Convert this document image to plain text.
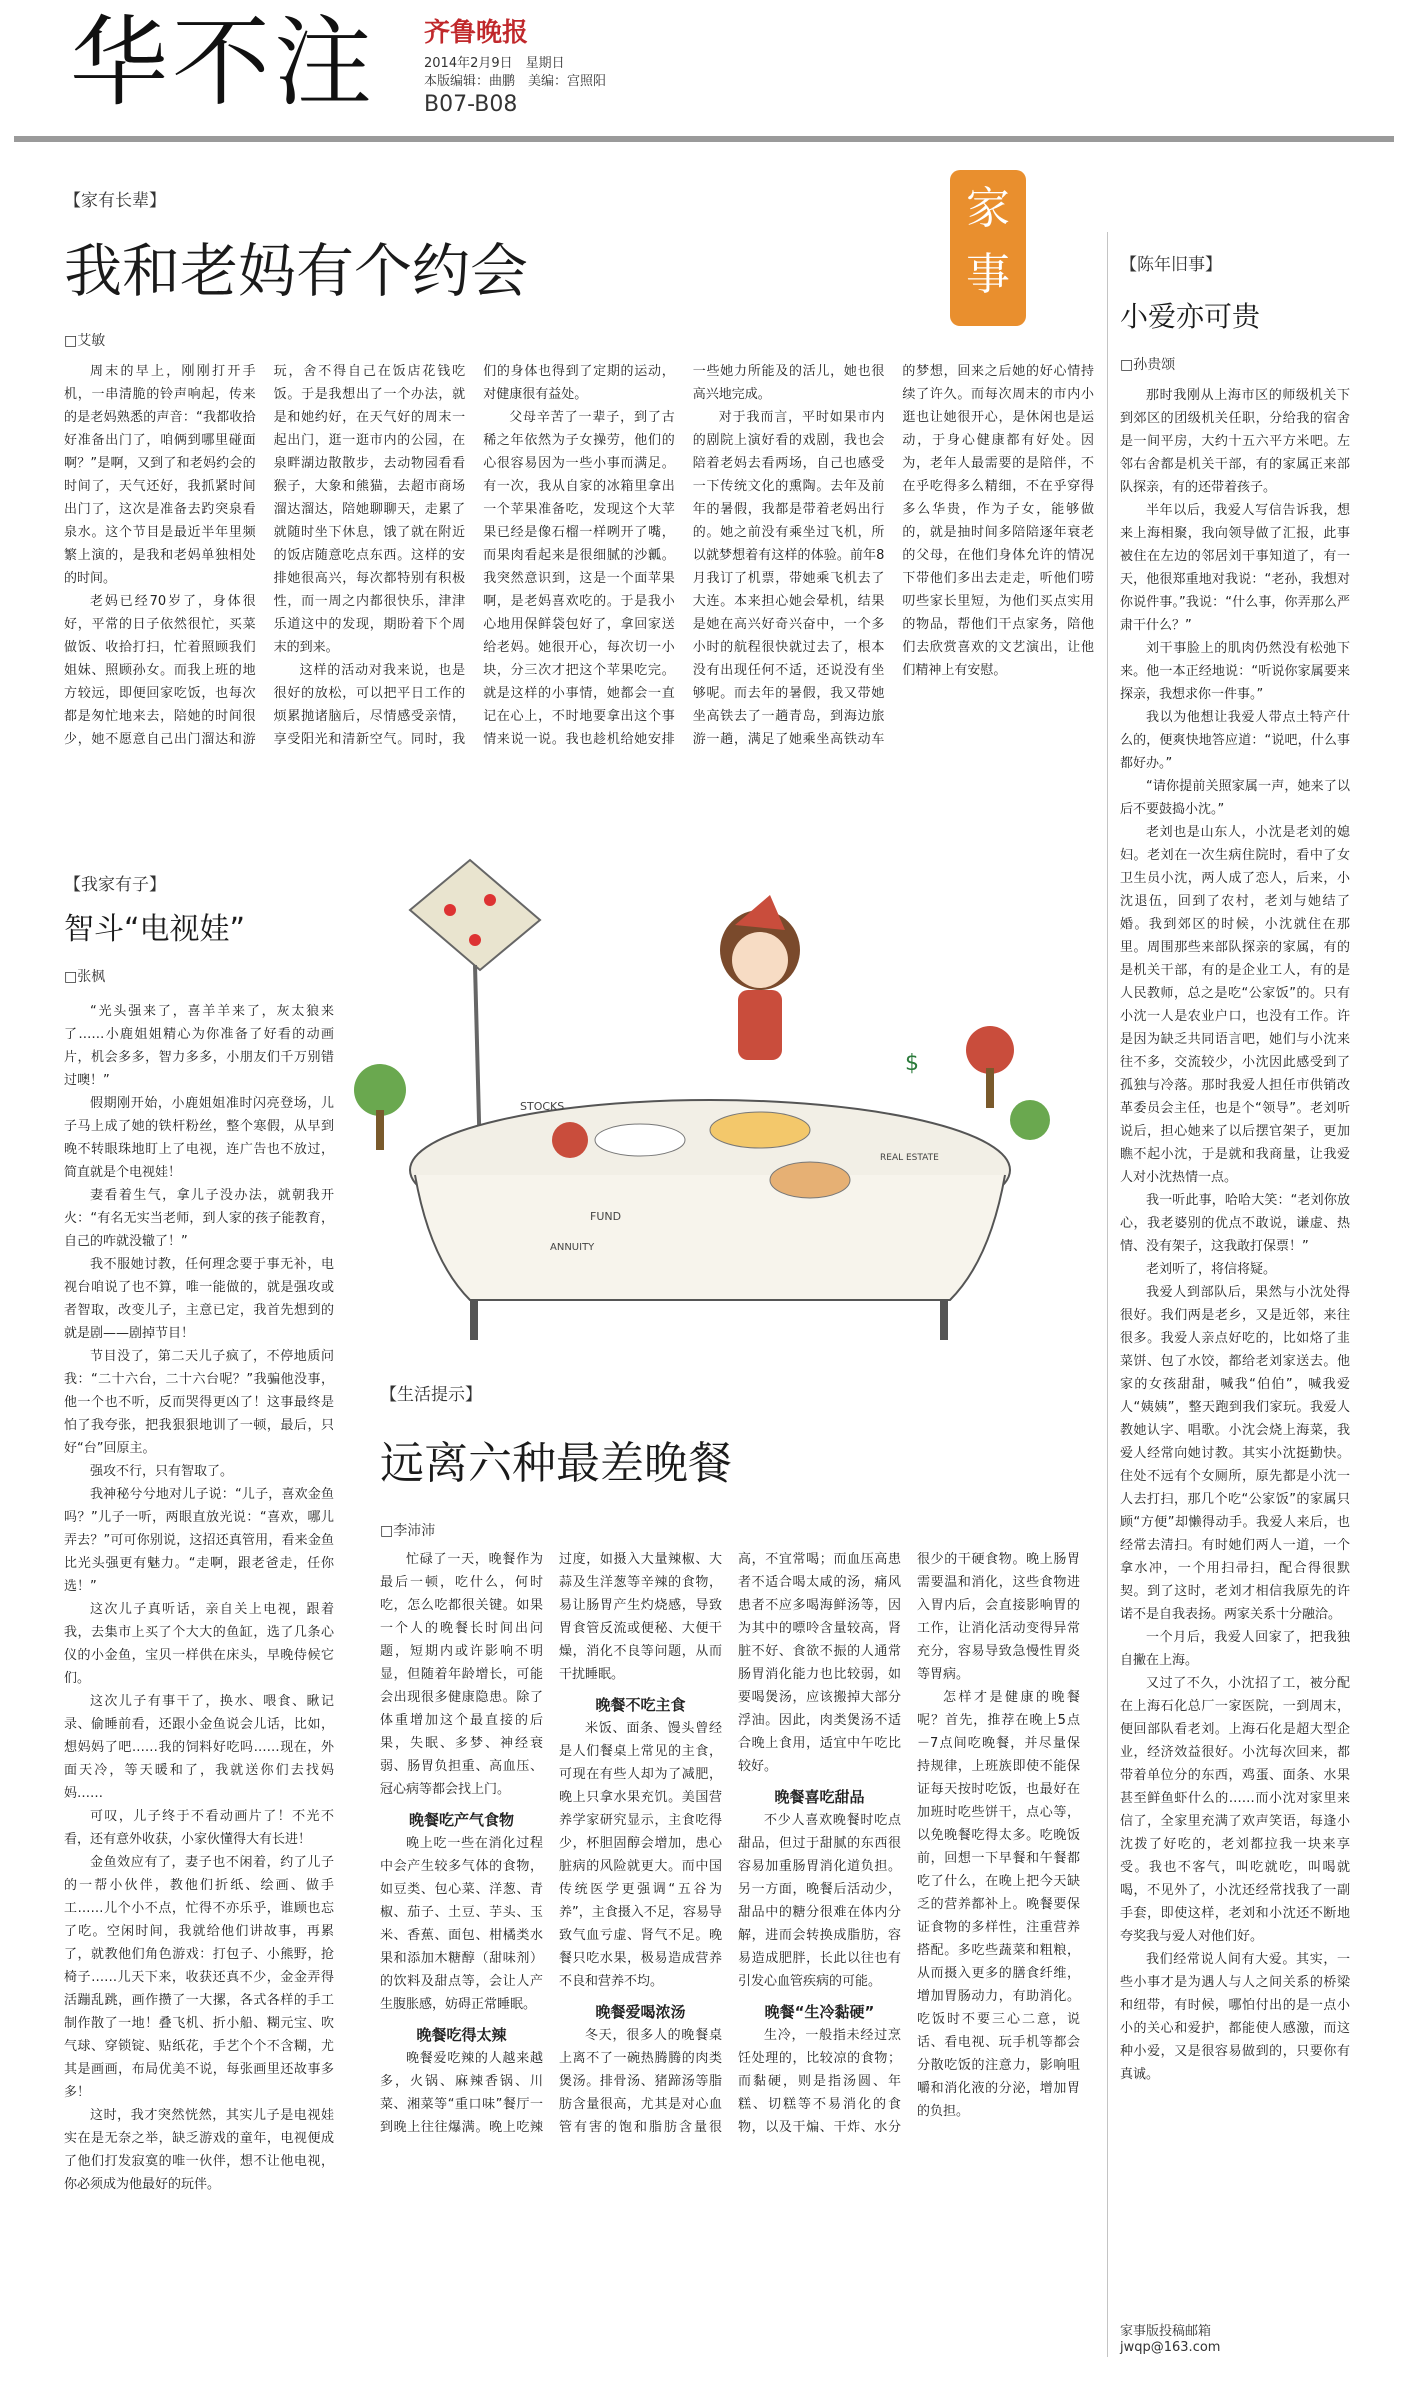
华不注 齐鲁晚报
2014年2月9日　星期日
本版编辑：曲鹏　美编：宫照阳
B07-B08
家事
【家有长辈】
我和老妈有个约会
□艾敏

周末的早上，刚刚打开手机，一串清脆的铃声响起，传来的是老妈熟悉的声音：“我都收拾好准备出门了，咱俩到哪里碰面啊？”是啊，又到了和老妈约会的时间了，天气还好，我抓紧时间出门了，这次是准备去趵突泉看泉水。这个节目是最近半年里频繁上演的，是我和老妈单独相处的时间。

老妈已经70岁了，身体很好，平常的日子依然很忙，买菜做饭、收拾打扫，忙着照顾我们姐妹、照顾孙女。而我上班的地方较远，即便回家吃饭，也每次都是匆忙地来去，陪她的时间很少，她不愿意自己出门溜达和游玩，舍不得自己在饭店花钱吃饭。于是我想出了一个办法，就是和她约好，在天气好的周末一起出门，逛一逛市内的公园，在泉畔湖边散散步，去动物园看看猴子，大象和熊猫，去超市商场溜达溜达，陪她聊聊天，走累了就随时坐下休息，饿了就在附近的饭店随意吃点东西。这样的安排她很高兴，每次都特别有积极性，而一周之内都很快乐，津津乐道这中的发现，期盼着下个周末的到来。

这样的活动对我来说，也是很好的放松，可以把平日工作的烦累抛诸脑后，尽情感受亲情，享受阳光和清新空气。同时，我们的身体也得到了定期的运动，对健康很有益处。

父母辛苦了一辈子，到了古稀之年依然为子女操劳，他们的心很容易因为一些小事而满足。有一次，我从自家的冰箱里拿出一个苹果准备吃，发现这个大苹果已经是像石榴一样咧开了嘴，而果肉看起来是很细腻的沙瓤。我突然意识到，这是一个面苹果啊，是老妈喜欢吃的。于是我小心地用保鲜袋包好了，拿回家送给老妈。她很开心，每次切一小块，分三次才把这个苹果吃完。就是这样的小事情，她都会一直记在心上，不时地要拿出这个事情来说一说。我也趁机给她安排一些她力所能及的活儿，她也很高兴地完成。

对于我而言，平时如果市内的剧院上演好看的戏剧，我也会陪着老妈去看两场，自己也感受一下传统文化的熏陶。去年及前年的暑假，我都是带着老妈出行的。她之前没有乘坐过飞机，所以就梦想着有这样的体验。前年8月我订了机票，带她乘飞机去了大连。本来担心她会晕机，结果是她在高兴好奇兴奋中，一个多小时的航程很快就过去了，根本没有出现任何不适，还说没有坐够呢。而去年的暑假，我又带她坐高铁去了一趟青岛，到海边旅游一趟，满足了她乘坐高铁动车的梦想，回来之后她的好心情持续了许久。而每次周末的市内小逛也让她很开心，是休闲也是运动，于身心健康都有好处。因为，老年人最需要的是陪伴，不在乎吃得多么精细，不在乎穿得多么华贵，作为子女，能够做的，就是抽时间多陪陪逐年衰老的父母，在他们身体允许的情况下带他们多出去走走，听他们唠叨些家长里短，为他们买点实用的物品，帮他们干点家务，陪他们去欣赏喜欢的文艺演出，让他们精神上有安慰。

【我家有子】
智斗“电视娃”
□张枫

“光头强来了，喜羊羊来了，灰太狼来了……小鹿姐姐精心为你准备了好看的动画片，机会多多，智力多多，小朋友们千万别错过噢！”

假期刚开始，小鹿姐姐准时闪亮登场，儿子马上成了她的铁杆粉丝，整个寒假，从早到晚不转眼珠地盯上了电视，连广告也不放过，简直就是个电视娃！

妻看着生气，拿儿子没办法，就朝我开火：“有名无实当老师，到人家的孩子能教育，自己的咋就没辙了！”

我不服她讨教，任何理念要于事无补，电视台咱说了也不算，唯一能做的，就是强攻或者智取，改变儿子，主意已定，我首先想到的就是剧——剧掉节目！

节目没了，第二天儿子疯了，不停地质问我：“二十六台，二十六台呢？”我骗他没事，他一个也不听，反而哭得更凶了！这事最终是怕了我夸张，把我狠狠地训了一顿，最后，只好“台”回原主。

强攻不行，只有智取了。

我神秘兮兮地对儿子说：“儿子，喜欢金鱼吗？”儿子一听，两眼直放光说：“喜欢，哪儿弄去？”可可你别说，这招还真管用，看来金鱼比光头强更有魅力。“走啊，跟老爸走，任你选！”

这次儿子真听话，亲自关上电视，跟着我，去集市上买了个大大的鱼缸，选了几条心仪的小金鱼，宝贝一样供在床头，早晚侍候它们。

这次儿子有事干了，换水、喂食、瞅记录、偷睡前看，还跟小金鱼说会儿话，比如，想妈妈了吧……我的饲料好吃吗……现在，外面天冷，等天暖和了，我就送你们去找妈妈……

可叹，儿子终于不看动画片了！不光不看，还有意外收获，小家伙懂得大有长进！

金鱼效应有了，妻子也不闲着，约了儿子的一帮小伙伴，教他们折纸、绘画、做手工……儿个小不点，忙得不亦乐乎，谁顾也忘了吃。空闲时间，我就给他们讲故事，再累了，就教他们角色游戏：打包子、小熊野，抢椅子……儿天下来，收获还真不少，金金弄得活蹦乱跳，画作攒了一大摞，各式各样的手工制作散了一地！叠飞机、折小船、糊元宝、吹气球、穿锁锭、贴纸花，手艺个个不含糊，尤其是画画，布局优美不说，每张画里还故事多多！

这时，我才突然恍然，其实儿子是电视娃实在是无奈之举，缺乏游戏的童年，电视便成了他们打发寂寞的唯一伙伴，想不让他电视，你必须成为他最好的玩伴。

STOCKS
FUND
ANNUITY
REAL ESTATE
$
【生活提示】
远离六种最差晚餐
□李沛沛

忙碌了一天，晚餐作为最后一顿，吃什么，何时吃，怎么吃都很关键。如果一个人的晚餐长时间出问题，短期内或许影响不明显，但随着年龄增长，可能会出现很多健康隐患。除了体重增加这个最直接的后果，失眠、多梦、神经衰弱、肠胃负担重、高血压、冠心病等都会找上门。

晚餐吃产气食物

晚上吃一些在消化过程中会产生较多气体的食物，如豆类、包心菜、洋葱、青椒、茄子、土豆、芋头、玉米、香蕉、面包、柑橘类水果和添加木糖醇（甜味剂）的饮料及甜点等，会让人产生腹胀感，妨碍正常睡眠。

晚餐吃得太辣

晚餐爱吃辣的人越来越多，火锅、麻辣香锅、川菜、湘菜等“重口味”餐厅一到晚上往往爆满。晚上吃辣过度，如摄入大量辣椒、大蒜及生洋葱等辛辣的食物，易让肠胃产生灼烧感，导致胃食管反流或便秘、大便干燥，消化不良等问题，从而干扰睡眠。

晚餐不吃主食

米饭、面条、馒头曾经是人们餐桌上常见的主食，可现在有些人却为了减肥，晚上只拿水果充饥。美国营养学家研究显示，主食吃得少，杯胆固醇会增加，患心脏病的风险就更大。而中国传统医学更强调“五谷为养”，主食摄入不足，容易导致气血亏虚、肾气不足。晚餐只吃水果，极易造成营养不良和营养不均。

晚餐爱喝浓汤

冬天，很多人的晚餐桌上离不了一碗热腾腾的肉类煲汤。排骨汤、猪蹄汤等脂肪含量很高，尤其是对心血管有害的饱和脂肪含量很高，不宜常喝；而血压高患者不适合喝太咸的汤，痛风患者不应多喝海鲜汤等，因为其中的嘌呤含量较高，肾脏不好、食欲不振的人通常肠胃消化能力也比较弱，如要喝煲汤，应该搬掉大部分浮油。因此，肉类煲汤不适合晚上食用，适宜中午吃比较好。

晚餐喜吃甜品

不少人喜欢晚餐时吃点甜品，但过于甜腻的东西很容易加重肠胃消化道负担。另一方面，晚餐后活动少，甜品中的糖分很难在体内分解，进而会转换成脂肪，容易造成肥胖，长此以往也有引发心血管疾病的可能。

晚餐“生冷黏硬”

生冷，一般指未经过烹饪处理的，比较凉的食物；而黏硬，则是指汤圆、年糕、切糕等不易消化的食物，以及干煸、干炸、水分很少的干硬食物。晚上肠胃需要温和消化，这些食物进入胃内后，会直接影响胃的工作，让消化活动变得异常充分，容易导致急慢性胃炎等胃病。

怎样才是健康的晚餐呢？首先，推荐在晚上5点－7点间吃晚餐，并尽量保持规律，上班族即使不能保证每天按时吃饭，也最好在加班时吃些饼干，点心等，以免晚餐吃得太多。吃晚饭前，回想一下早餐和午餐都吃了什么，在晚上把今天缺乏的营养都补上。晚餐要保证食物的多样性，注重营养搭配。多吃些蔬菜和粗粮，从而摄入更多的膳食纤维，增加胃肠动力，有助消化。吃饭时不要三心二意，说话、看电视、玩手机等都会分散吃饭的注意力，影响咀嚼和消化液的分泌，增加胃的负担。

【陈年旧事】
小爱亦可贵
□孙贵颂

那时我刚从上海市区的师级机关下到郊区的团级机关任职，分给我的宿舍是一间平房，大约十五六平方米吧。左邻右舍都是机关干部，有的家属正来部队探亲，有的还带着孩子。

半年以后，我爱人写信告诉我，想来上海相聚，我向领导做了汇报，此事被住在左边的邻居刘干事知道了，有一天，他很郑重地对我说：“老孙，我想对你说件事。”我说：“什么事，你弄那么严肃干什么？”

刘干事脸上的肌肉仍然没有松弛下来。他一本正经地说：“听说你家属要来探亲，我想求你一件事。”

我以为他想让我爱人带点土特产什么的，便爽快地答应道：“说吧，什么事都好办。”

“请你提前关照家属一声，她来了以后不要鼓捣小沈。”

老刘也是山东人，小沈是老刘的媳妇。老刘在一次生病住院时，看中了女卫生员小沈，两人成了恋人，后来，小沈退伍，回到了农村，老刘与她结了婚。我到郊区的时候，小沈就住在那里。周围那些来部队探亲的家属，有的是机关干部，有的是企业工人，有的是人民教师，总之是吃“公家饭”的。只有小沈一人是农业户口，也没有工作。许是因为缺乏共同语言吧，她们与小沈来往不多，交流较少，小沈因此感受到了孤独与冷落。那时我爱人担任市供销改革委员会主任，也是个“领导”。老刘听说后，担心她来了以后摆官架子，更加瞧不起小沈，于是就和我商量，让我爱人对小沈热情一点。

我一听此事，哈哈大笑：“老刘你放心，我老婆别的优点不敢说，谦虚、热情、没有架子，这我敢打保票！”

老刘听了，将信将疑。

我爱人到部队后，果然与小沈处得很好。我们两是老乡，又是近邻，来往很多。我爱人亲点好吃的，比如烙了韭菜饼、包了水饺，都给老刘家送去。他家的女孩甜甜，喊我“伯伯”，喊我爱人“姨姨”，整天跑到我们家玩。我爱人教她认字、唱歌。小沈会烧上海菜，我爱人经常向她讨教。其实小沈挺勤快。住处不远有个女厕所，原先都是小沈一人去打扫，那几个吃“公家饭”的家属只顾“方便”却懒得动手。我爱人来后，也经常去清扫。有时她们两人一道，一个拿水冲，一个用扫帚扫，配合得很默契。到了这时，老刘才相信我原先的许诺不是自我表扬。两家关系十分融洽。

一个月后，我爱人回家了，把我独自撇在上海。

又过了不久，小沈招了工，被分配在上海石化总厂一家医院，一到周末，便回部队看老刘。上海石化是超大型企业，经济效益很好。小沈每次回来，都带着单位分的东西，鸡蛋、面条、水果甚至鲜鱼虾什么的……而小沈对家里来信了，全家里充满了欢声笑语，每逢小沈拨了好吃的，老刘都拉我一块来享受。我也不客气，叫吃就吃，叫喝就喝，不见外了，小沈还经常找我了一副手套，即使这样，老刘和小沈还不断地夸奖我与爱人对他们好。

我们经常说人间有大爱。其实，一些小事才是为遇人与人之间关系的桥梁和纽带，有时候，哪怕付出的是一点小小的关心和爱护，都能使人感激，而这种小爱，又是很容易做到的，只要你有真诚。

家事版投稿邮箱
jwqp@163.com
